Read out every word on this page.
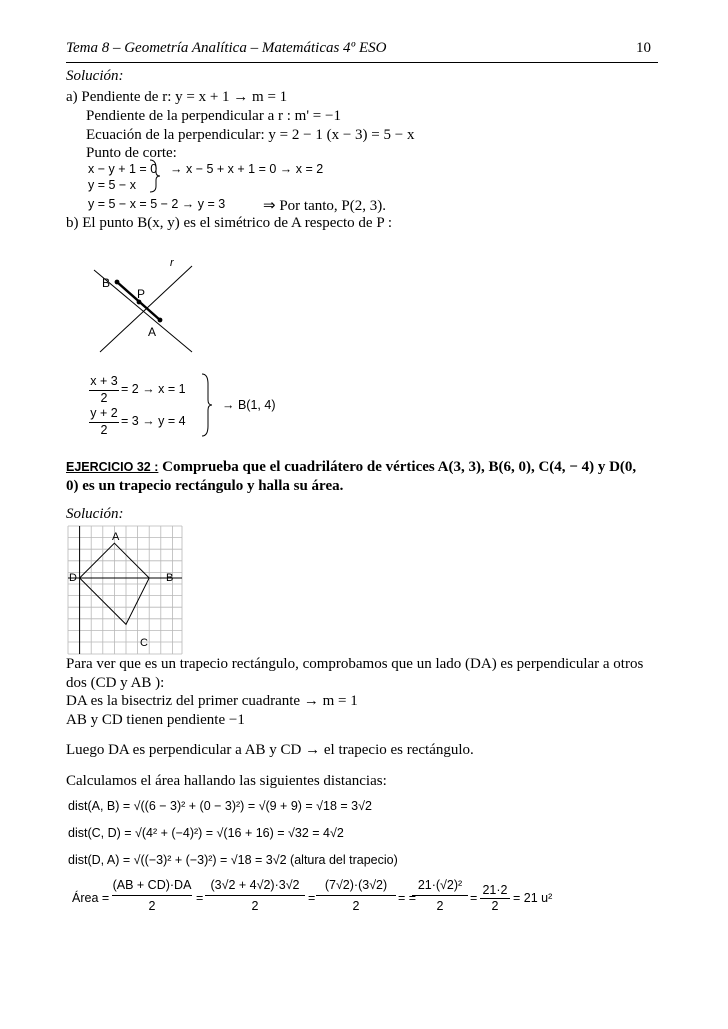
Tema 8 – Geometría Analítica – Matemáticas 4º ESO	10
Solución:
a) Pendiente de r: y = x + 1 → m = 1
Pendiente de la perpendicular a r : m' = −1
Ecuación de la perpendicular: y = 2 − 1 (x − 3) = 5 − x
Punto de corte:
x − y + 1 = 0 → x − 5 + x + 1 = 0 → x = 2
y = 5 − x
y = 5 − x = 5 − 2 → y = 3	⇒ Por tanto, P(2, 3).
b) El punto B(x, y) es el simétrico de A respecto de P :
r
B
P
A
x + 3
2
= 2 → x = 1
y + 2
2
= 3 → y = 4
→ B(1, 4)
EJERCICIO 32 : Comprueba que el cuadrilátero de vértices A(3, 3), B(6, 0), C(4, − 4) y D(0,
0) es un trapecio rectángulo y halla su área.
Solución:
A
B
C
D
Para ver que es un trapecio rectángulo, comprobamos que un lado (DA) es perpendicular a otros
dos (CD y AB ):
DA es la bisectriz del primer cuadrante → m = 1
AB y CD tienen pendiente −1
Luego DA es perpendicular a AB y CD → el trapecio es rectángulo.
Calculamos el área hallando las siguientes distancias:
dist(A, B) = √((6 − 3)² + (0 − 3)²) = √(9 + 9) = √18 = 3√2
dist(C, D) = √(4² + (−4)²) = √(16 + 16) = √32 = 4√2
dist(D, A) = √((−3)² + (−3)²) = √18 = 3√2 (altura del trapecio)
Área =
(AB + CD)·DA
2
=
(3√2 + 4√2)·3√2
2
=
(7√2)·(3√2)
2
= =
21·(√2)²
2
=
21·2
2
= 21 u²
